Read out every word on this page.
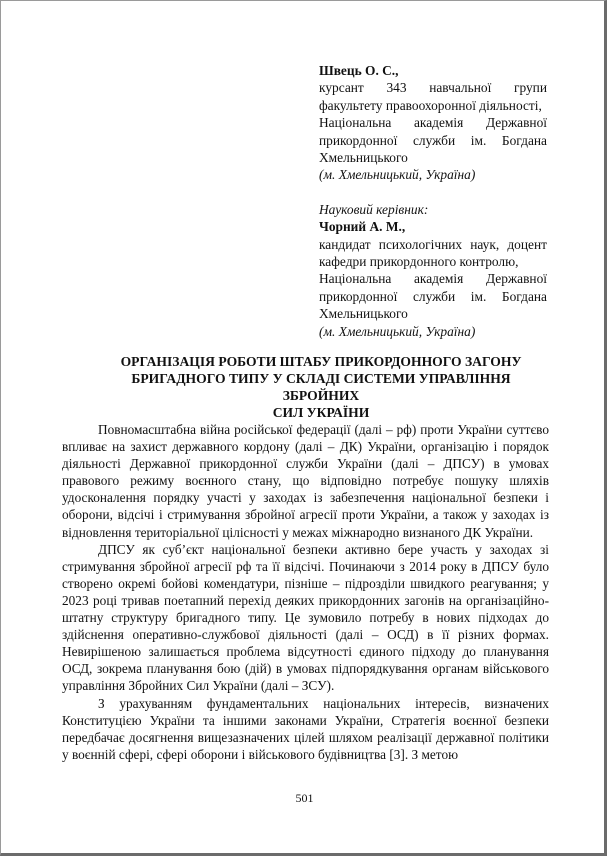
Швець О. С.,

курсант 343 навчальної групи факультету правоохоронної діяльності,

Національна академія Державної прикордонної служби ім. Богдана Хмельницького

(м. Хмельницький, Україна)

Науковий керівник:

Чорний А. М.,

кандидат психологічних наук, доцент кафедри прикордонного контролю,

Національна академія Державної прикордонної служби ім. Богдана Хмельницького

(м. Хмельницький, Україна)

ОРГАНІЗАЦІЯ РОБОТИ ШТАБУ ПРИКОРДОННОГО ЗАГОНУ
БРИГАДНОГО ТИПУ У СКЛАДІ СИСТЕМИ УПРАВЛІННЯ ЗБРОЙНИХ
СИЛ УКРАЇНИ

Повномасштабна війна російської федерації (далі – рф) проти України суттєво впливає на захист державного кордону (далі – ДК) України, організацію і порядок діяльності Державної прикордонної служби України (далі – ДПСУ) в умовах правового режиму воєнного стану, що відповідно потребує пошуку шляхів удосконалення порядку участі у заходах із забезпечення національної безпеки і оборони, відсічі і стримування збройної агресії проти України, а також у заходах із відновлення територіальної цілісності у межах міжнародно визнаного ДК України.

ДПСУ як суб’єкт національної безпеки активно бере участь у заходах зі стримування збройної агресії рф та її відсічі. Починаючи з 2014 року в ДПСУ було створено окремі бойові комендатури, пізніше – підрозділи швидкого реагування; у 2023 році тривав поетапний перехід деяких прикордонних загонів на організаційно-штатну структуру бригадного типу. Це зумовило потребу в нових підходах до здійснення оперативно-службової діяльності (далі – ОСД) в її різних формах. Невирішеною залишається проблема відсутності єдиного підходу до планування ОСД, зокрема планування бою (дій) в умовах підпорядкування органам військового управління Збройних Сил України (далі – ЗСУ).

З урахуванням фундаментальних національних інтересів, визначених Конституцією України та іншими законами України, Стратегія воєнної безпеки передбачає досягнення вищезазначених цілей шляхом реалізації державної політики у воєнній сфері, сфері оборони і військового будівництва [3]. З метою

501
